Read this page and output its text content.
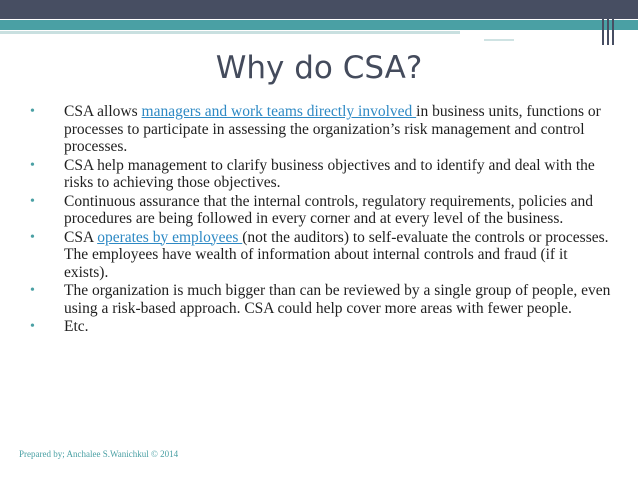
Why do CSA?
• CSA allows managers and work teams directly involved in business units, functions or processes to participate in assessing the organization’s risk management and control processes.
• CSA help management to clarify business objectives and to identify and deal with the risks to achieving those objectives.
• Continuous assurance that the internal controls, regulatory requirements, policies and procedures are being followed in every corner and at every level of the business.
• CSA operates by employees (not the auditors) to self-evaluate the controls or processes. The employees have wealth of information about internal controls and fraud (if it exists).
• The organization is much bigger than can be reviewed by a single group of people, even using a risk-based approach. CSA could help cover more areas with fewer people.
• Etc.
Prepared by; Anchalee S.Wanichkul © 2014
